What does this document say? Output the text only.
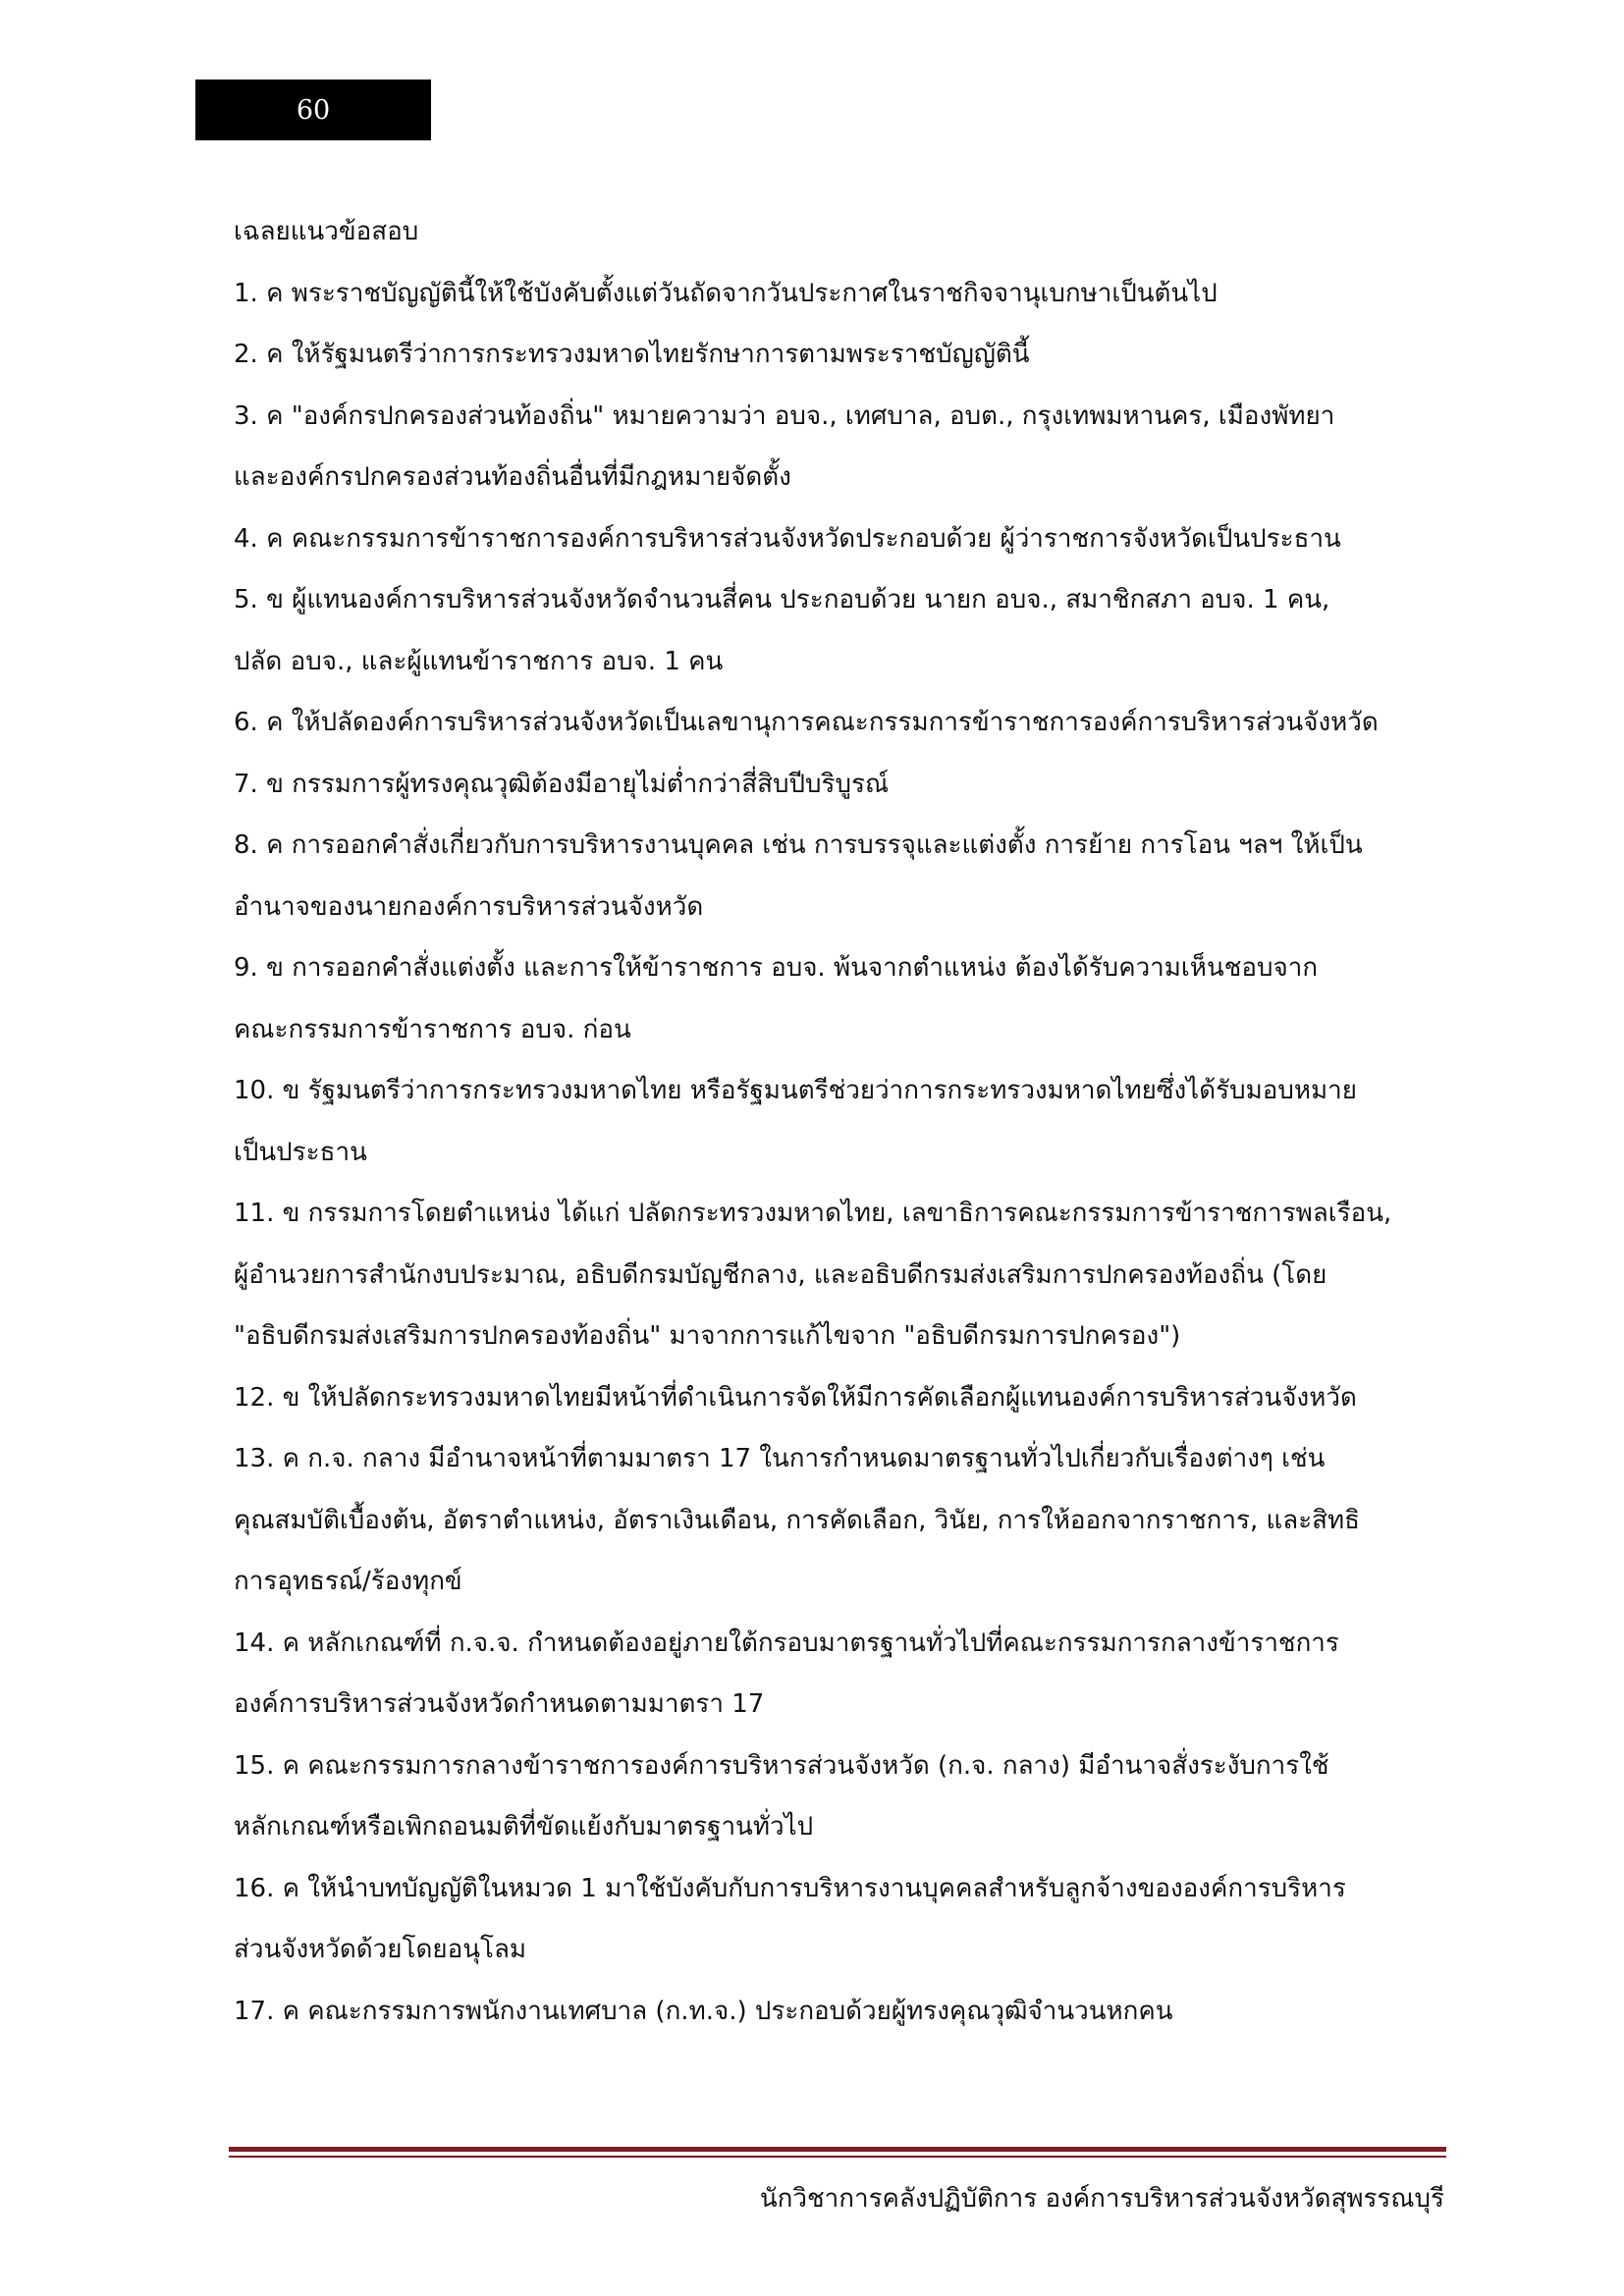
60

เฉลยแนวข้อสอบ

1. ค พระราชบัญญัตินี้ให้ใช้บังคับตั้งแต่วันถัดจากวันประกาศในราชกิจจานุเบกษาเป็นต้นไป

2. ค ให้รัฐมนตรีว่าการกระทรวงมหาดไทยรักษาการตามพระราชบัญญัตินี้

3. ค "องค์กรปกครองส่วนท้องถิ่น" หมายความว่า อบจ., เทศบาล, อบต., กรุงเทพมหานคร, เมืองพัทยา

และองค์กรปกครองส่วนท้องถิ่นอื่นที่มีกฎหมายจัดตั้ง

4. ค คณะกรรมการข้าราชการองค์การบริหารส่วนจังหวัดประกอบด้วย ผู้ว่าราชการจังหวัดเป็นประธาน

5. ข ผู้แทนองค์การบริหารส่วนจังหวัดจำนวนสี่คน ประกอบด้วย นายก อบจ., สมาชิกสภา อบจ. 1 คน,

ปลัด อบจ., และผู้แทนข้าราชการ อบจ. 1 คน

6. ค ให้ปลัดองค์การบริหารส่วนจังหวัดเป็นเลขานุการคณะกรรมการข้าราชการองค์การบริหารส่วนจังหวัด

7. ข กรรมการผู้ทรงคุณวุฒิต้องมีอายุไม่ต่ำกว่าสี่สิบปีบริบูรณ์

8. ค การออกคำสั่งเกี่ยวกับการบริหารงานบุคคล เช่น การบรรจุและแต่งตั้ง การย้าย การโอน ฯลฯ ให้เป็น

อำนาจของนายกองค์การบริหารส่วนจังหวัด

9. ข การออกคำสั่งแต่งตั้ง และการให้ข้าราชการ อบจ. พ้นจากตำแหน่ง ต้องได้รับความเห็นชอบจาก

คณะกรรมการข้าราชการ อบจ. ก่อน

10. ข รัฐมนตรีว่าการกระทรวงมหาดไทย หรือรัฐมนตรีช่วยว่าการกระทรวงมหาดไทยซึ่งได้รับมอบหมาย

เป็นประธาน

11. ข กรรมการโดยตำแหน่ง ได้แก่ ปลัดกระทรวงมหาดไทย, เลขาธิการคณะกรรมการข้าราชการพลเรือน,

ผู้อำนวยการสำนักงบประมาณ, อธิบดีกรมบัญชีกลาง, และอธิบดีกรมส่งเสริมการปกครองท้องถิ่น (โดย

"อธิบดีกรมส่งเสริมการปกครองท้องถิ่น" มาจากการแก้ไขจาก "อธิบดีกรมการปกครอง")

12. ข ให้ปลัดกระทรวงมหาดไทยมีหน้าที่ดำเนินการจัดให้มีการคัดเลือกผู้แทนองค์การบริหารส่วนจังหวัด

13. ค ก.จ. กลาง มีอำนาจหน้าที่ตามมาตรา 17 ในการกำหนดมาตรฐานทั่วไปเกี่ยวกับเรื่องต่างๆ เช่น

คุณสมบัติเบื้องต้น, อัตราตำแหน่ง, อัตราเงินเดือน, การคัดเลือก, วินัย, การให้ออกจากราชการ, และสิทธิ

การอุทธรณ์/ร้องทุกข์

14. ค หลักเกณฑ์ที่ ก.จ.จ. กำหนดต้องอยู่ภายใต้กรอบมาตรฐานทั่วไปที่คณะกรรมการกลางข้าราชการ

องค์การบริหารส่วนจังหวัดกำหนดตามมาตรา 17

15. ค คณะกรรมการกลางข้าราชการองค์การบริหารส่วนจังหวัด (ก.จ. กลาง) มีอำนาจสั่งระงับการใช้

หลักเกณฑ์หรือเพิกถอนมติที่ขัดแย้งกับมาตรฐานทั่วไป

16. ค ให้นำบทบัญญัติในหมวด 1 มาใช้บังคับกับการบริหารงานบุคคลสำหรับลูกจ้างขององค์การบริหาร

ส่วนจังหวัดด้วยโดยอนุโลม

17. ค คณะกรรมการพนักงานเทศบาล (ก.ท.จ.) ประกอบด้วยผู้ทรงคุณวุฒิจำนวนหกคน

นักวิชาการคลังปฏิบัติการ องค์การบริหารส่วนจังหวัดสุพรรณบุรี
